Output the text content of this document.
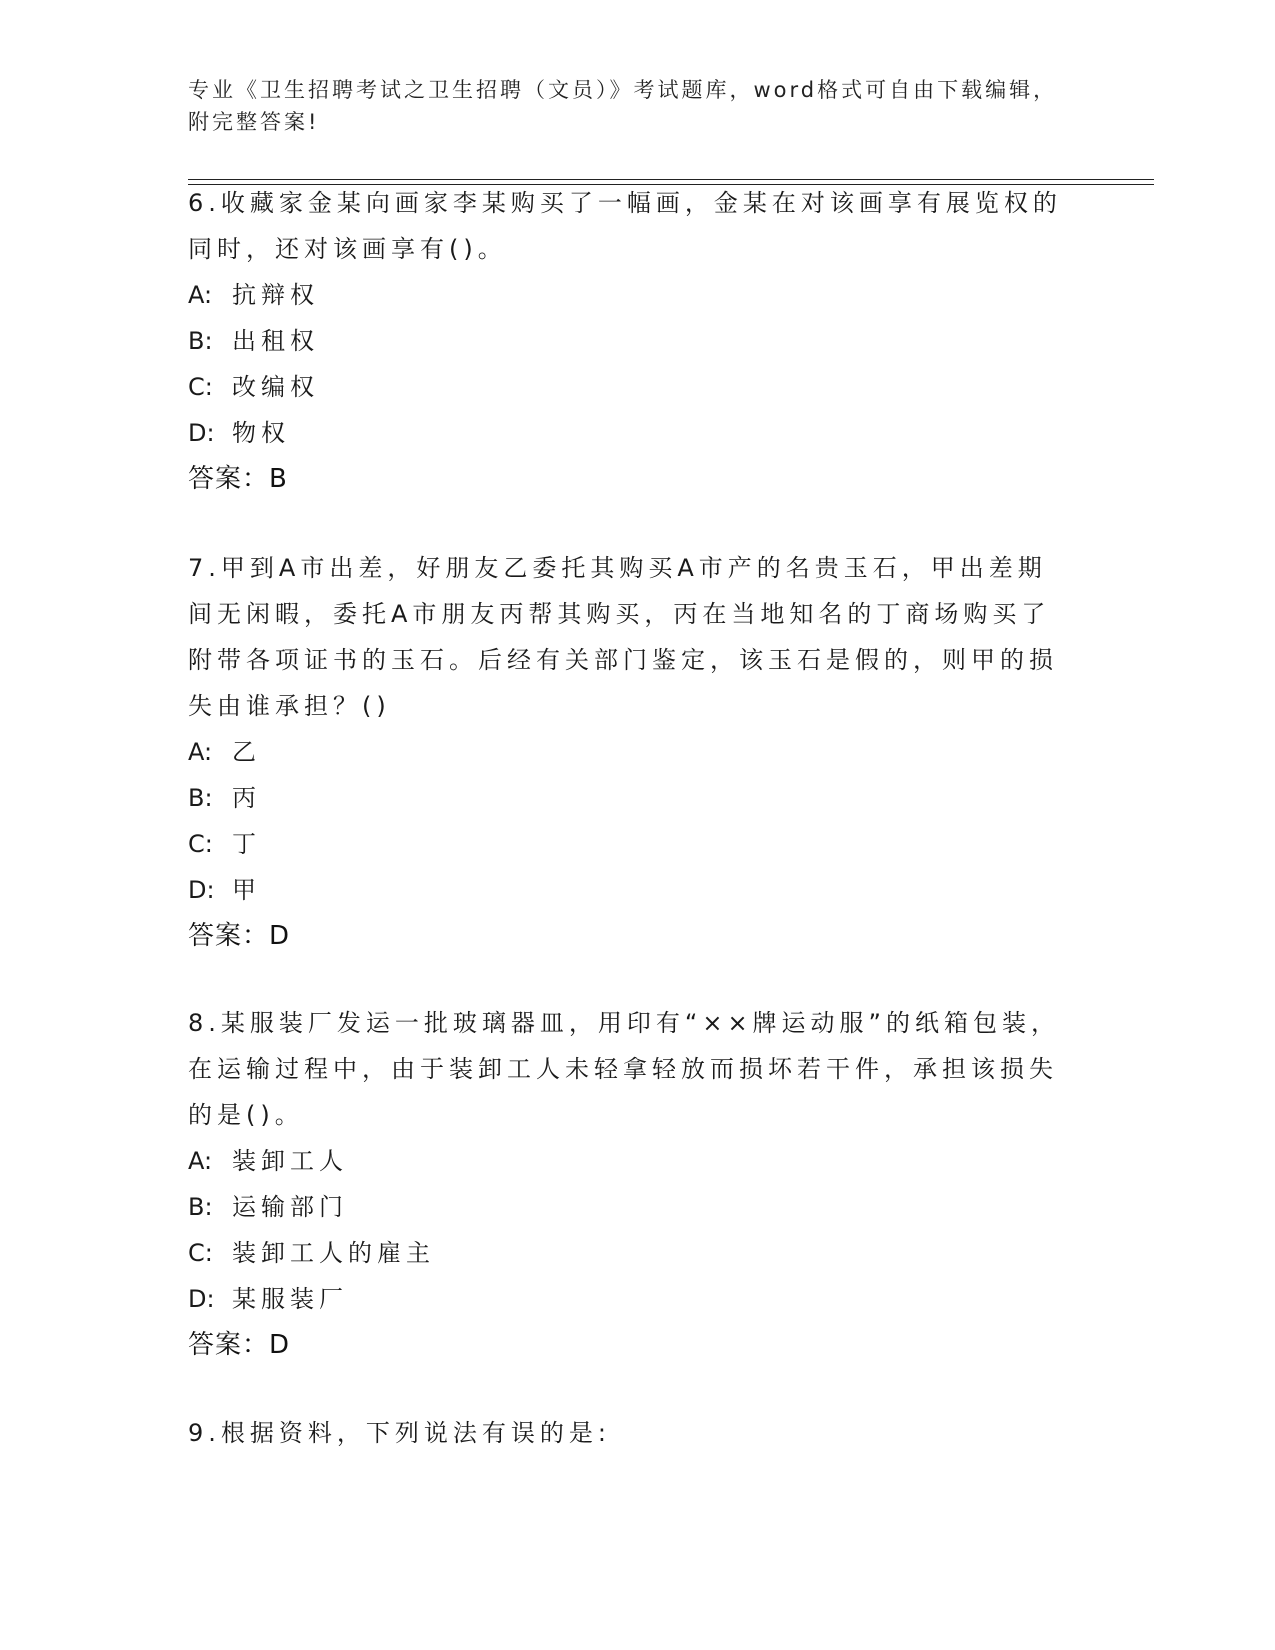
专业《卫生招聘考试之卫生招聘（文员）》考试题库，word格式可自由下载编辑，附完整答案!

6.收藏家金某向画家李某购买了一幅画，金某在对该画享有展览权的同时，还对该画享有()。

A: 抗辩权

B: 出租权

C: 改编权

D: 物权

答案：B

7.甲到A市出差，好朋友乙委托其购买A市产的名贵玉石，甲出差期间无闲暇，委托A市朋友丙帮其购买，丙在当地知名的丁商场购买了附带各项证书的玉石。后经有关部门鉴定，该玉石是假的，则甲的损失由谁承担？()

A: 乙

B: 丙

C: 丁

D: 甲

答案：D

8.某服装厂发运一批玻璃器皿，用印有“××牌运动服”的纸箱包装，在运输过程中，由于装卸工人未轻拿轻放而损坏若干件，承担该损失的是()。

A: 装卸工人

B: 运输部门

C: 装卸工人的雇主

D: 某服装厂

答案：D

9.根据资料，下列说法有误的是:
